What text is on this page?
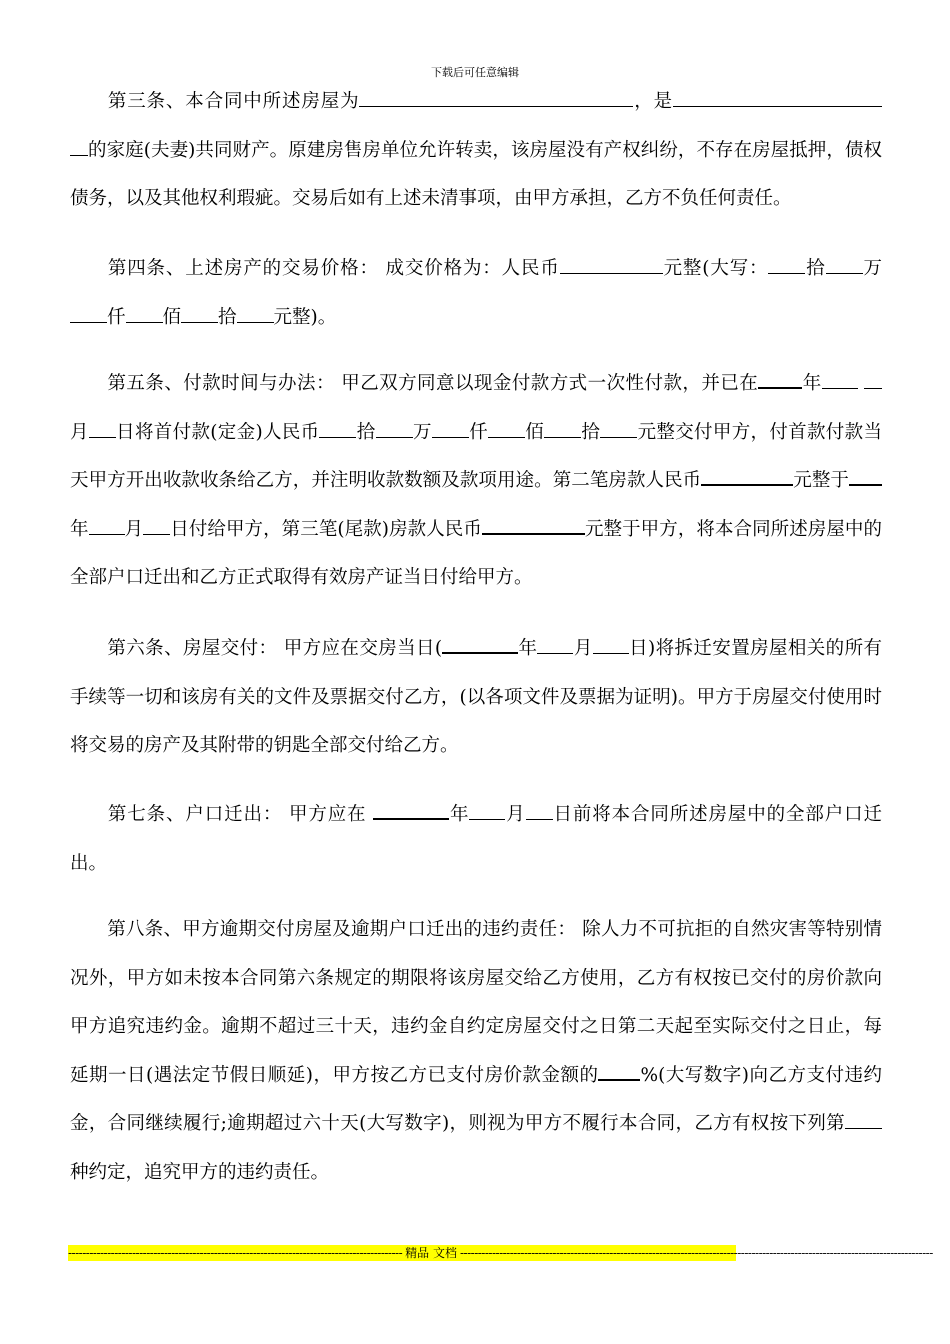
下载后可任意编辑

第三条、本合同中所述房屋为	，是的家庭(夫妻)共同财产。原建房售房单位允许转卖，该房屋没有产权纠纷，不存在房屋抵押，债权债务，以及其他权利瑕疵。交易后如有上述未清事项，由甲方承担，乙方不负任何责任。

第四条、上述房产的交易价格： 成交价格为：人民币	元整(大写： 拾 万 仟 佰 拾 元整)。

第五条、付款时间与办法： 甲乙双方同意以现金付款方式一次性付款，并已在 年 月 日将首付款(定金)人民币 拾 万 仟 佰 拾 元整交付甲方，付首款付款当天甲方开出收款收条给乙方，并注明收款数额及款项用途。第二笔房款人民币	元整于年 月 日付给甲方，第三笔(尾款)房款人民币	元整于甲方，将本合同所述房屋中的全部户口迁出和乙方正式取得有效房产证当日付给甲方。

第六条、房屋交付： 甲方应在交房当日(	年 月 日)将拆迁安置房屋相关的所有手续等一切和该房有关的文件及票据交付乙方，(以各项文件及票据为证明)。甲方于房屋交付使用时将交易的房产及其附带的钥匙全部交付给乙方。

第七条、户口迁出： 甲方应在	年 月 日前将本合同所述房屋中的全部户口迁出。

第八条、甲方逾期交付房屋及逾期户口迁出的违约责任： 除人力不可抗拒的自然灾害等特别情况外，甲方如未按本合同第六条规定的期限将该房屋交给乙方使用，乙方有权按已交付的房价款向甲方追究违约金。逾期不超过三十天，违约金自约定房屋交付之日第二天起至实际交付之日止，每延期一日(遇法定节假日顺延)，甲方按乙方已支付房价款金额的 %(大写数字)向乙方支付违约金，合同继续履行;逾期超过六十天(大写数字)，则视为甲方不履行本合同，乙方有权按下列第种约定，追究甲方的违约责任。

---------------------------------------------------------------------------------------------- 精品 文档 -------------------------------------------------------------------------------------------------------------------------------------
